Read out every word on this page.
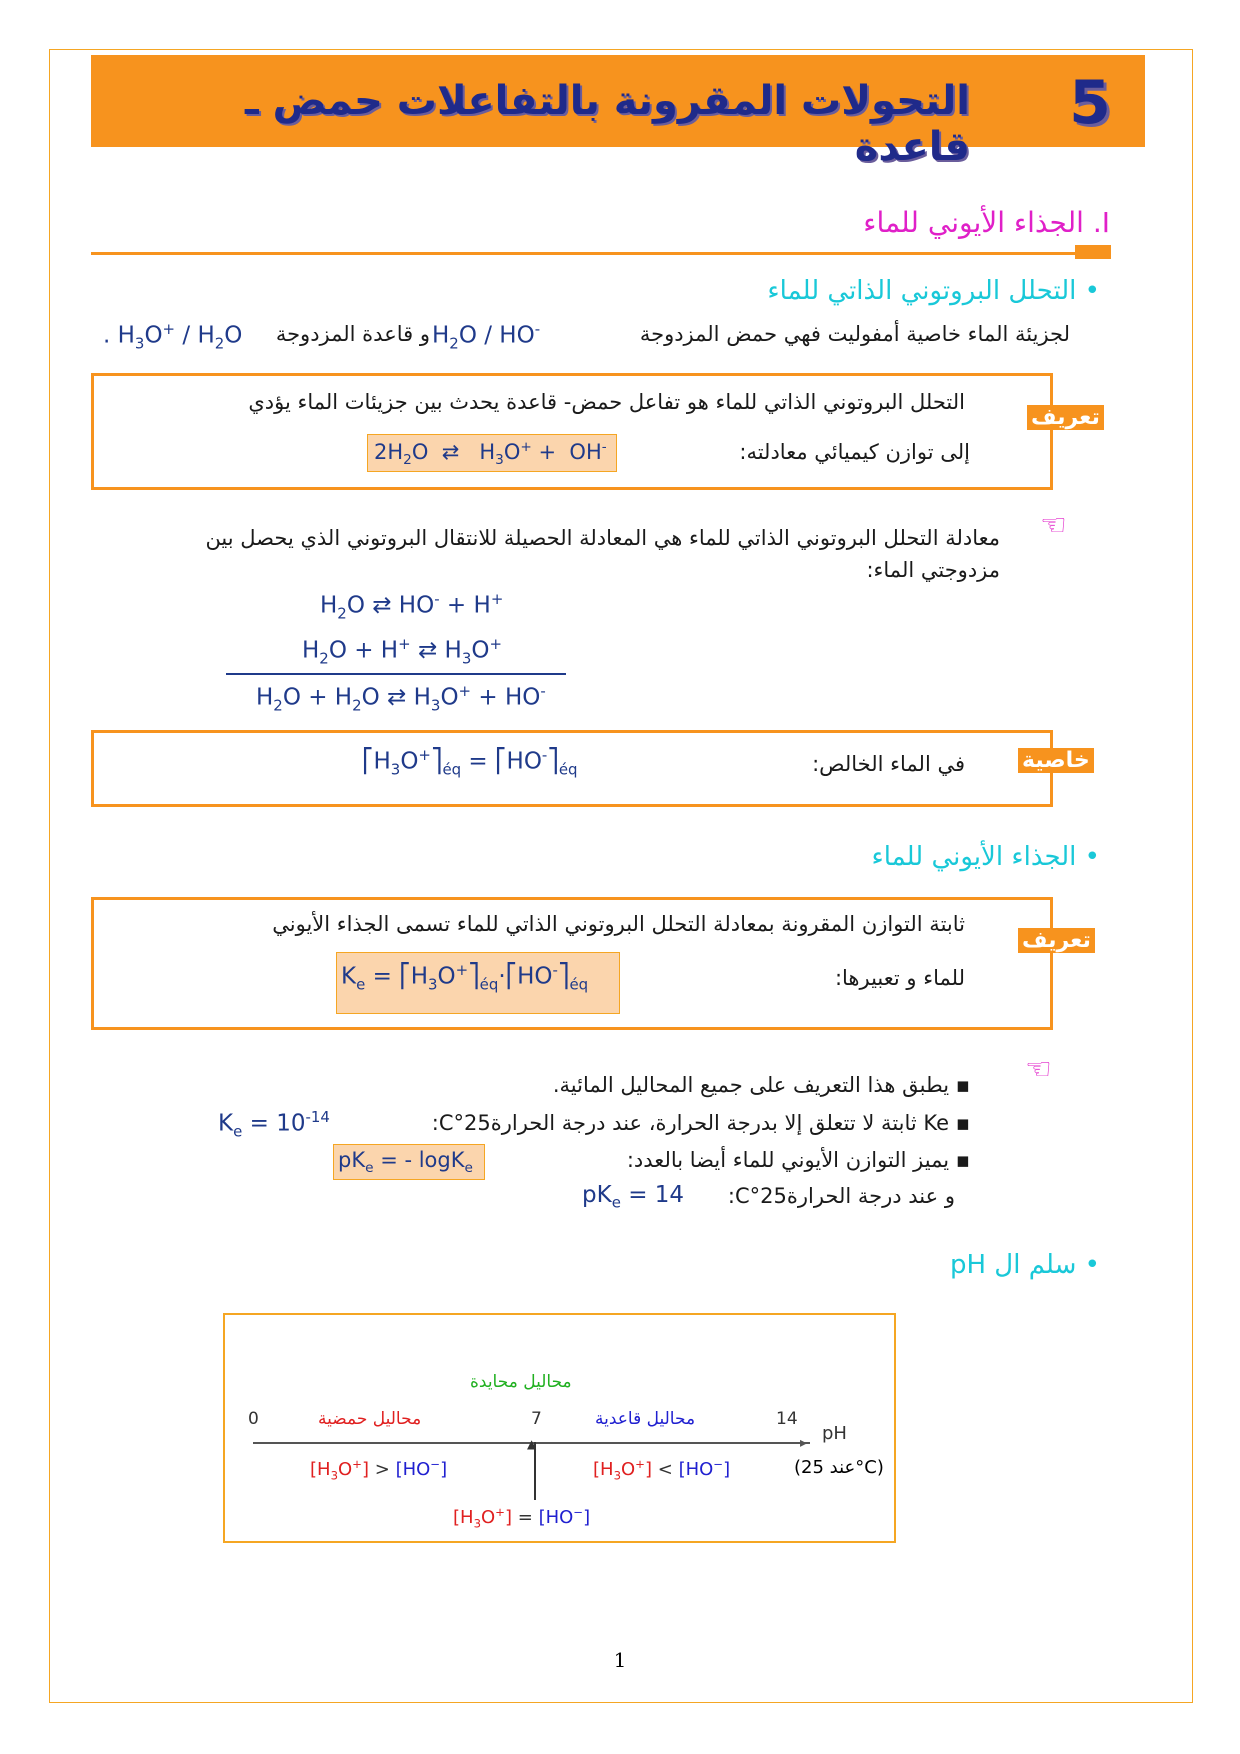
التحولات المقرونة بالتفاعلات حمض ـ قاعدة
5
I. الجذاء الأيوني للماء
• التحلل البروتوني الذاتي للماء
لجزيئة الماء خاصية أمفوليت فهي حمض المزدوجة
$H_2O / HO^-$
و قاعدة المزدوجة
. $H_3O^+ / H_2O$
تعريف
التحلل البروتوني الذاتي للماء هو تفاعل حمض- قاعدة يحدث بين جزيئات الماء يؤدي
إلى توازن كيميائي معادلته:
$2H_2O$  ⇄   $H_3O^+ + OH^-$
☜
معادلة التحلل البروتوني الذاتي للماء هي المعادلة الحصيلة للانتقال البروتوني الذي يحصل بين مزدوجتي الماء:
$H_2O$ ⇄ HO- + H+
$H_2O + H^+$ ⇄ $H_3O^+$
$H_2O + H_2O$ ⇄ $H_3O^+ + HO^-$
خاصية
في الماء الخالص:
$⎡H_3O^+⎤_{éq}$ = $⎡HO^-⎤_{éq}$
• الجذاء الأيوني للماء
تعريف
ثابتة التوازن المقرونة بمعادلة التحلل البروتوني الذاتي للماء تسمى الجذاء الأيوني
للماء و تعبيرها:
$K_e$ = $⎡H_3O^+⎤_{éq}\cdot⎡HO^-⎤_{éq}$
☜
▪ يطبق هذا التعريف على جميع المحاليل المائية.
▪ Ke ثابتة لا تتعلق إلا بدرجة الحرارة، عند درجة الحرارة25°C:
$K_e = 10^{-14}$
▪ يميز التوازن الأيوني للماء أيضا بالعدد:
$pK_e$ = - logK$_e$
و عند درجة الحرارة25°C:
$pK_e = 14$
• سلم ال pH
محاليل محايدة
محاليل حمضية	محاليل قاعدية
0	7	14
pH
▸
▲
(عند 25°C)
$[H_3O^+] > [HO^-]$	$[H_3O^+] < [HO^-]$
$[H_3O^+] = [HO^-]$
1
